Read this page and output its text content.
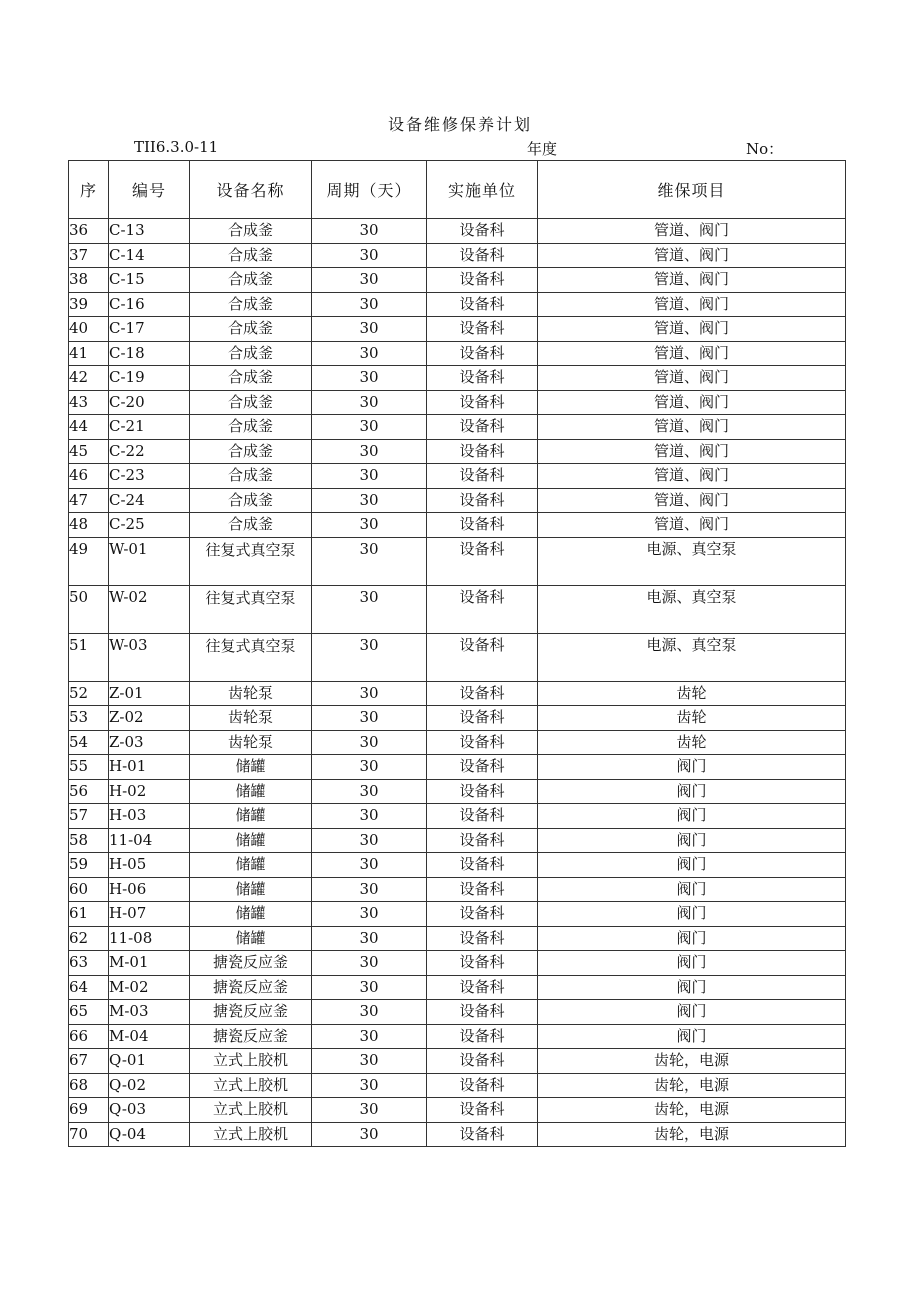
设备维修保养计划
TII6.3.0-11	年度	No：
序	编号	设备名称	周期（天）	实施单位	维保项目
36	C-13	合成釜	30	设备科	管道、阀门
37	C-14	合成釜	30	设备科	管道、阀门
38	C-15	合成釜	30	设备科	管道、阀门
39	C-16	合成釜	30	设备科	管道、阀门
40	C-17	合成釜	30	设备科	管道、阀门
41	C-18	合成釜	30	设备科	管道、阀门
42	C-19	合成釜	30	设备科	管道、阀门
43	C-20	合成釜	30	设备科	管道、阀门
44	C-21	合成釜	30	设备科	管道、阀门
45	C-22	合成釜	30	设备科	管道、阀门
46	C-23	合成釜	30	设备科	管道、阀门
47	C-24	合成釜	30	设备科	管道、阀门
48	C-25	合成釜	30	设备科	管道、阀门
49	W-01	往复式真空泵	30	设备科	电源、真空泵
50	W-02	往复式真空泵	30	设备科	电源、真空泵
51	W-03	往复式真空泵	30	设备科	电源、真空泵
52	Z-01	齿轮泵	30	设备科	齿轮
53	Z-02	齿轮泵	30	设备科	齿轮
54	Z-03	齿轮泵	30	设备科	齿轮
55	H-01	储罐	30	设备科	阀门
56	H-02	储罐	30	设备科	阀门
57	H-03	储罐	30	设备科	阀门
58	11-04	储罐	30	设备科	阀门
59	H-05	储罐	30	设备科	阀门
60	H-06	储罐	30	设备科	阀门
61	H-07	储罐	30	设备科	阀门
62	11-08	储罐	30	设备科	阀门
63	M-01	搪瓷反应釜	30	设备科	阀门
64	M-02	搪瓷反应釜	30	设备科	阀门
65	M-03	搪瓷反应釜	30	设备科	阀门
66	M-04	搪瓷反应釜	30	设备科	阀门
67	Q-01	立式上胶机	30	设备科	齿轮，电源
68	Q-02	立式上胶机	30	设备科	齿轮，电源
69	Q-03	立式上胶机	30	设备科	齿轮，电源
70	Q-04	立式上胶机	30	设备科	齿轮，电源
